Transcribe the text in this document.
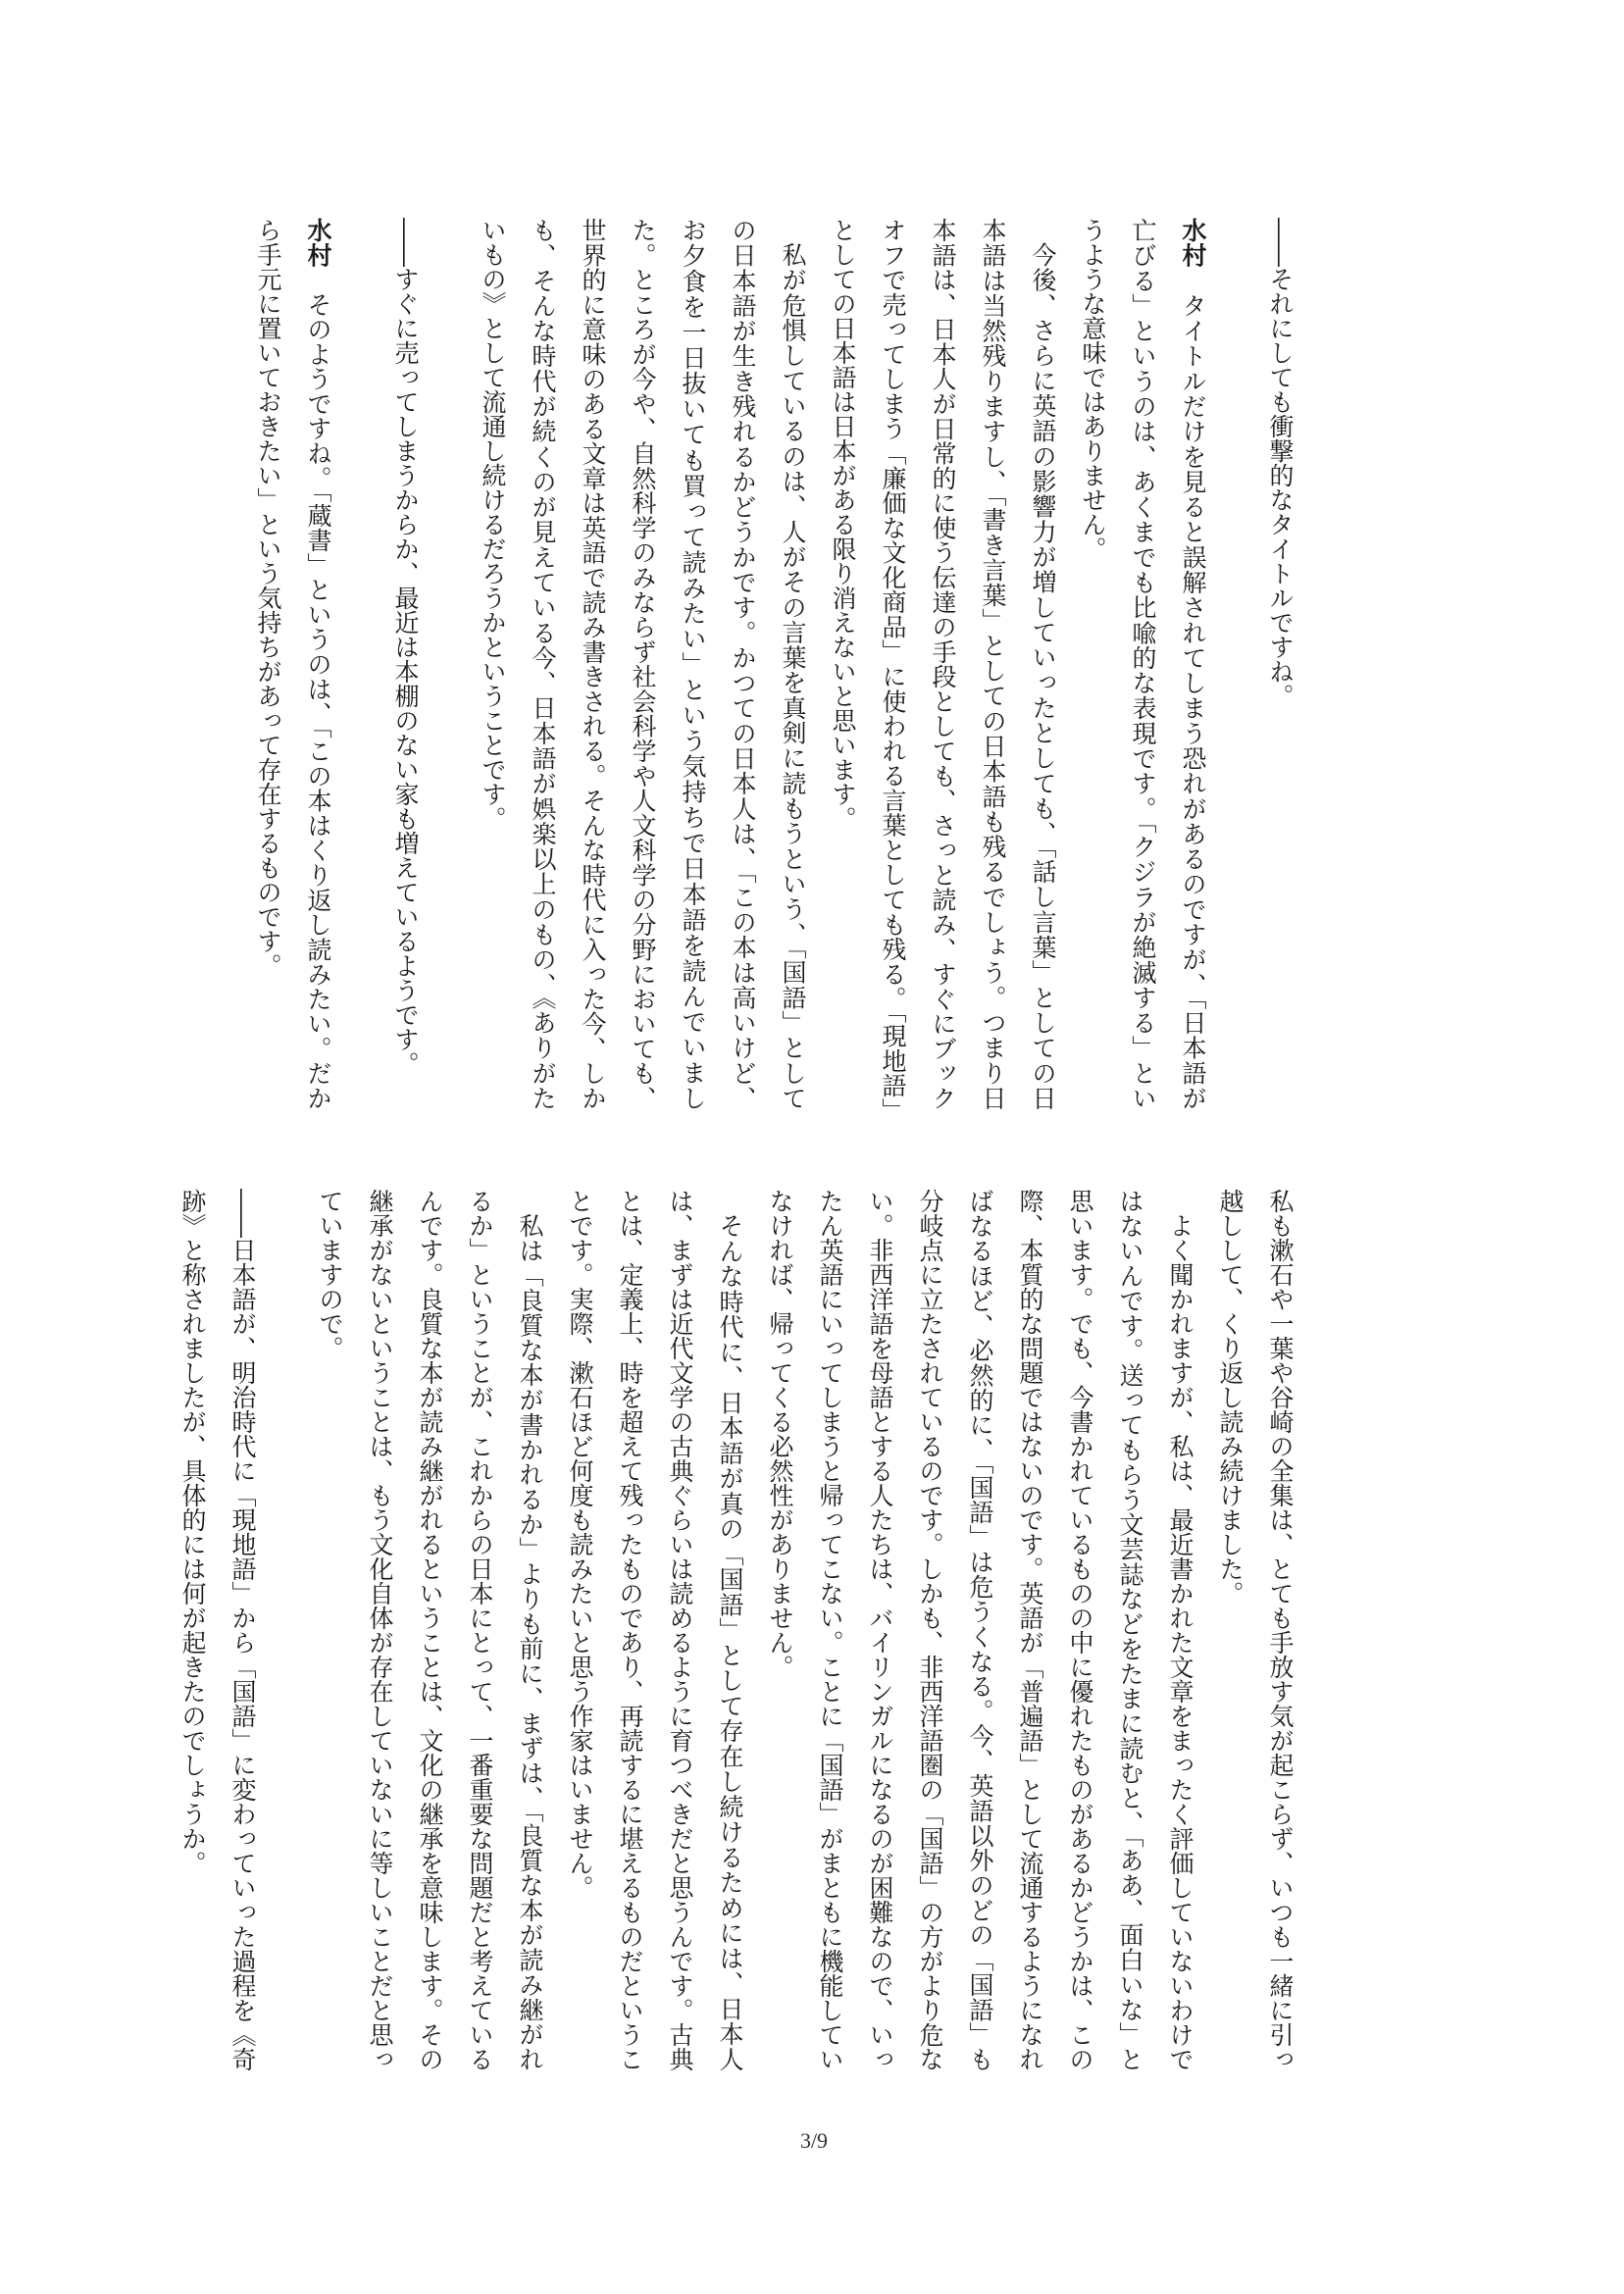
――それにしても衝撃的なタイトルですね。

水村　タイトルだけを見ると誤解されてしまう恐れがあるのですが、「日本語が亡びる」というのは、あくまでも比喩的な表現です。「クジラが絶滅する」というような意味ではありません。

今後、さらに英語の影響力が増していったとしても、「話し言葉」としての日本語は当然残りますし、「書き言葉」としての日本語も残るでしょう。つまり日本語は、日本人が日常的に使う伝達の手段としても、さっと読み、すぐにブックオフで売ってしまう「廉価な文化商品」に使われる言葉としても残る。「現地語」としての日本語は日本がある限り消えないと思います。

私が危惧しているのは、人がその言葉を真剣に読もうという、「国語」としての日本語が生き残れるかどうかです。かつての日本人は、「この本は高いけど、お夕食を一日抜いても買って読みたい」という気持ちで日本語を読んでいました。ところが今や、自然科学のみならず社会科学や人文科学の分野においても、世界的に意味のある文章は英語で読み書きされる。そんな時代に入った今、しかも、そんな時代が続くのが見えている今、日本語が娯楽以上のもの、《ありがたいもの》として流通し続けるだろうかということです。

――すぐに売ってしまうからか、最近は本棚のない家も増えているようです。

水村　そのようですね。「蔵書」というのは、「この本はくり返し読みたい。だから手元に置いておきたい」という気持ちがあって存在するものです。

私も漱石や一葉や谷崎の全集は、とても手放す気が起こらず、いつも一緒に引っ越しして、くり返し読み続けました。

よく聞かれますが、私は、最近書かれた文章をまったく評価していないわけではないんです。送ってもらう文芸誌などをたまに読むと、「ああ、面白いな」と思います。でも、今書かれているものの中に優れたものがあるかどうかは、この際、本質的な問題ではないのです。英語が「普遍語」として流通するようになればなるほど、必然的に、「国語」は危うくなる。今、英語以外のどの「国語」も分岐点に立たされているのです。しかも、非西洋語圏の「国語」の方がより危ない。非西洋語を母語とする人たちは、バイリンガルになるのが困難なので、いったん英語にいってしまうと帰ってこない。ことに「国語」がまともに機能していなければ、帰ってくる必然性がありません。

そんな時代に、日本語が真の「国語」として存在し続けるためには、日本人は、まずは近代文学の古典ぐらいは読めるように育つべきだと思うんです。古典とは、定義上、時を超えて残ったものであり、再読するに堪えるものだということです。実際、漱石ほど何度も読みたいと思う作家はいません。

私は「良質な本が書かれるか」よりも前に、まずは、「良質な本が読み継がれるか」ということが、これからの日本にとって、一番重要な問題だと考えているんです。良質な本が読み継がれるということは、文化の継承を意味します。その継承がないということは、もう文化自体が存在していないに等しいことだと思っていますので。

――日本語が、明治時代に「現地語」から「国語」に変わっていった過程を《奇跡》と称されましたが、具体的には何が起きたのでしょうか。

3/9
